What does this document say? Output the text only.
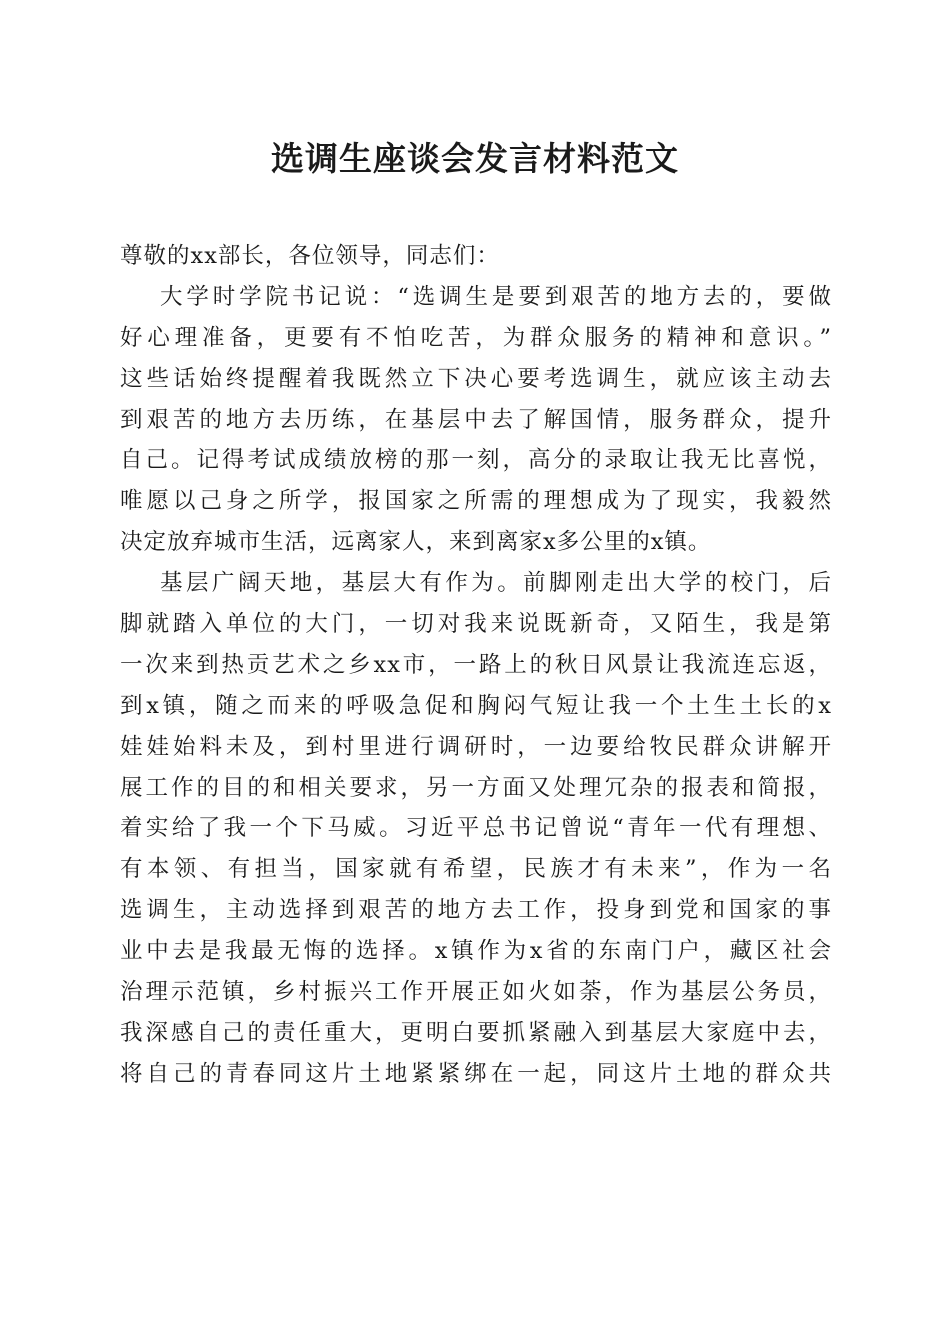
选调生座谈会发言材料范文
尊敬的xx部长，各位领导，同志们：
大学时学院书记说：“选调生是要到艰苦的地方去的，要做
好心理准备，更要有不怕吃苦，为群众服务的精神和意识。”
这些话始终提醒着我既然立下决心要考选调生，就应该主动去
到艰苦的地方去历练，在基层中去了解国情，服务群众，提升
自己。记得考试成绩放榜的那一刻，高分的录取让我无比喜悦，
唯愿以己身之所学，报国家之所需的理想成为了现实，我毅然
决定放弃城市生活，远离家人，来到离家x多公里的x镇。
基层广阔天地，基层大有作为。前脚刚走出大学的校门，后
脚就踏入单位的大门，一切对我来说既新奇，又陌生，我是第
一次来到热贡艺术之乡xx市，一路上的秋日风景让我流连忘返，
到x镇，随之而来的呼吸急促和胸闷气短让我一个土生土长的x
娃娃始料未及，到村里进行调研时，一边要给牧民群众讲解开
展工作的目的和相关要求，另一方面又处理冗杂的报表和简报，
着实给了我一个下马威。习近平总书记曾说“青年一代有理想、
有本领、有担当，国家就有希望，民族才有未来”，作为一名
选调生，主动选择到艰苦的地方去工作，投身到党和国家的事
业中去是我最无悔的选择。x镇作为x省的东南门户，藏区社会
治理示范镇，乡村振兴工作开展正如火如荼，作为基层公务员，
我深感自己的责任重大，更明白要抓紧融入到基层大家庭中去，
将自己的青春同这片土地紧紧绑在一起，同这片土地的群众共
